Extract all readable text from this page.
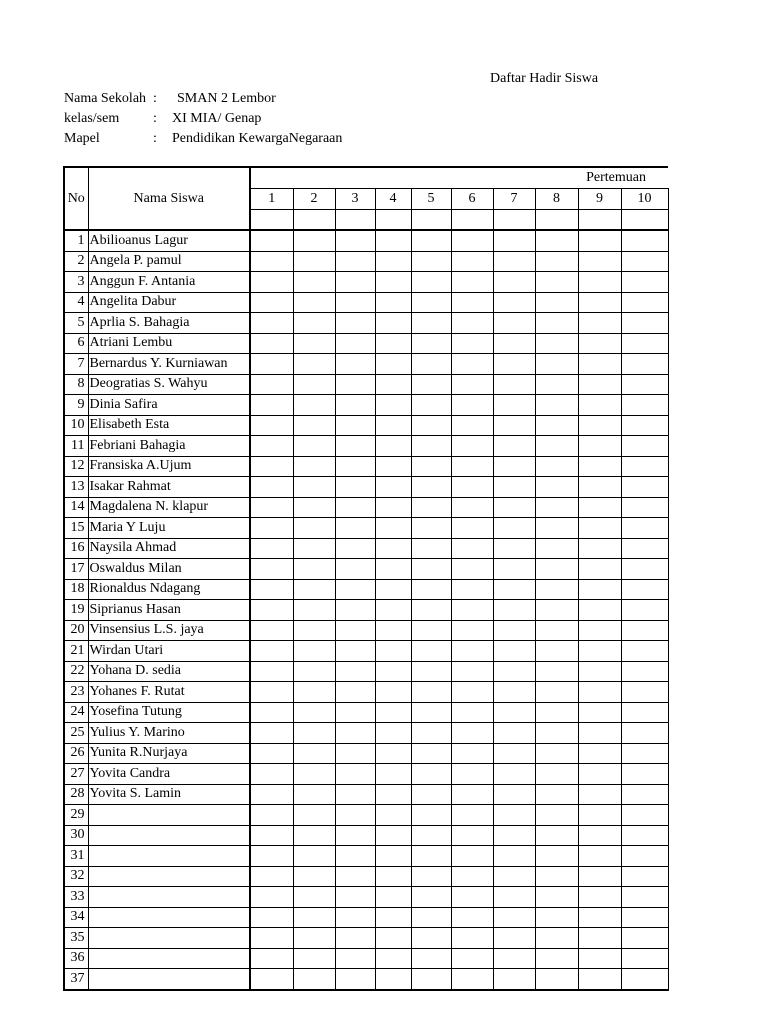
Daftar Hadir Siswa
Nama Sekolah : SMAN 2 Lembor
kelas/sem : XI MIA/ Genap
Mapel	: Pendidikan KewargaNegaraan
No	Nama Siswa	Pertemuan									
		1	2	3	4	5	6	7	8	9	10

1	Abilioanus Lagur										
2	Angela P. pamul										
3	Anggun F. Antania										
4	Angelita Dabur										
5	Aprlia S. Bahagia										
6	Atriani Lembu										
7	Bernardus Y. Kurniawan										
8	Deogratias S. Wahyu										
9	Dinia Safira										
10	Elisabeth Esta										
11	Febriani Bahagia										
12	Fransiska A.Ujum										
13	Isakar Rahmat										
14	Magdalena N. klapur										
15	Maria Y Luju										
16	Naysila Ahmad										
17	Oswaldus Milan										
18	Rionaldus Ndagang										
19	Siprianus Hasan										
20	Vinsensius L.S. jaya										
21	Wirdan Utari										
22	Yohana D. sedia										
23	Yohanes F. Rutat										
24	Yosefina Tutung										
25	Yulius Y. Marino										
26	Yunita R.Nurjaya										
27	Yovita Candra										
28	Yovita S. Lamin										
29											
30											
31											
32											
33											
34											
35											
36											
37											
